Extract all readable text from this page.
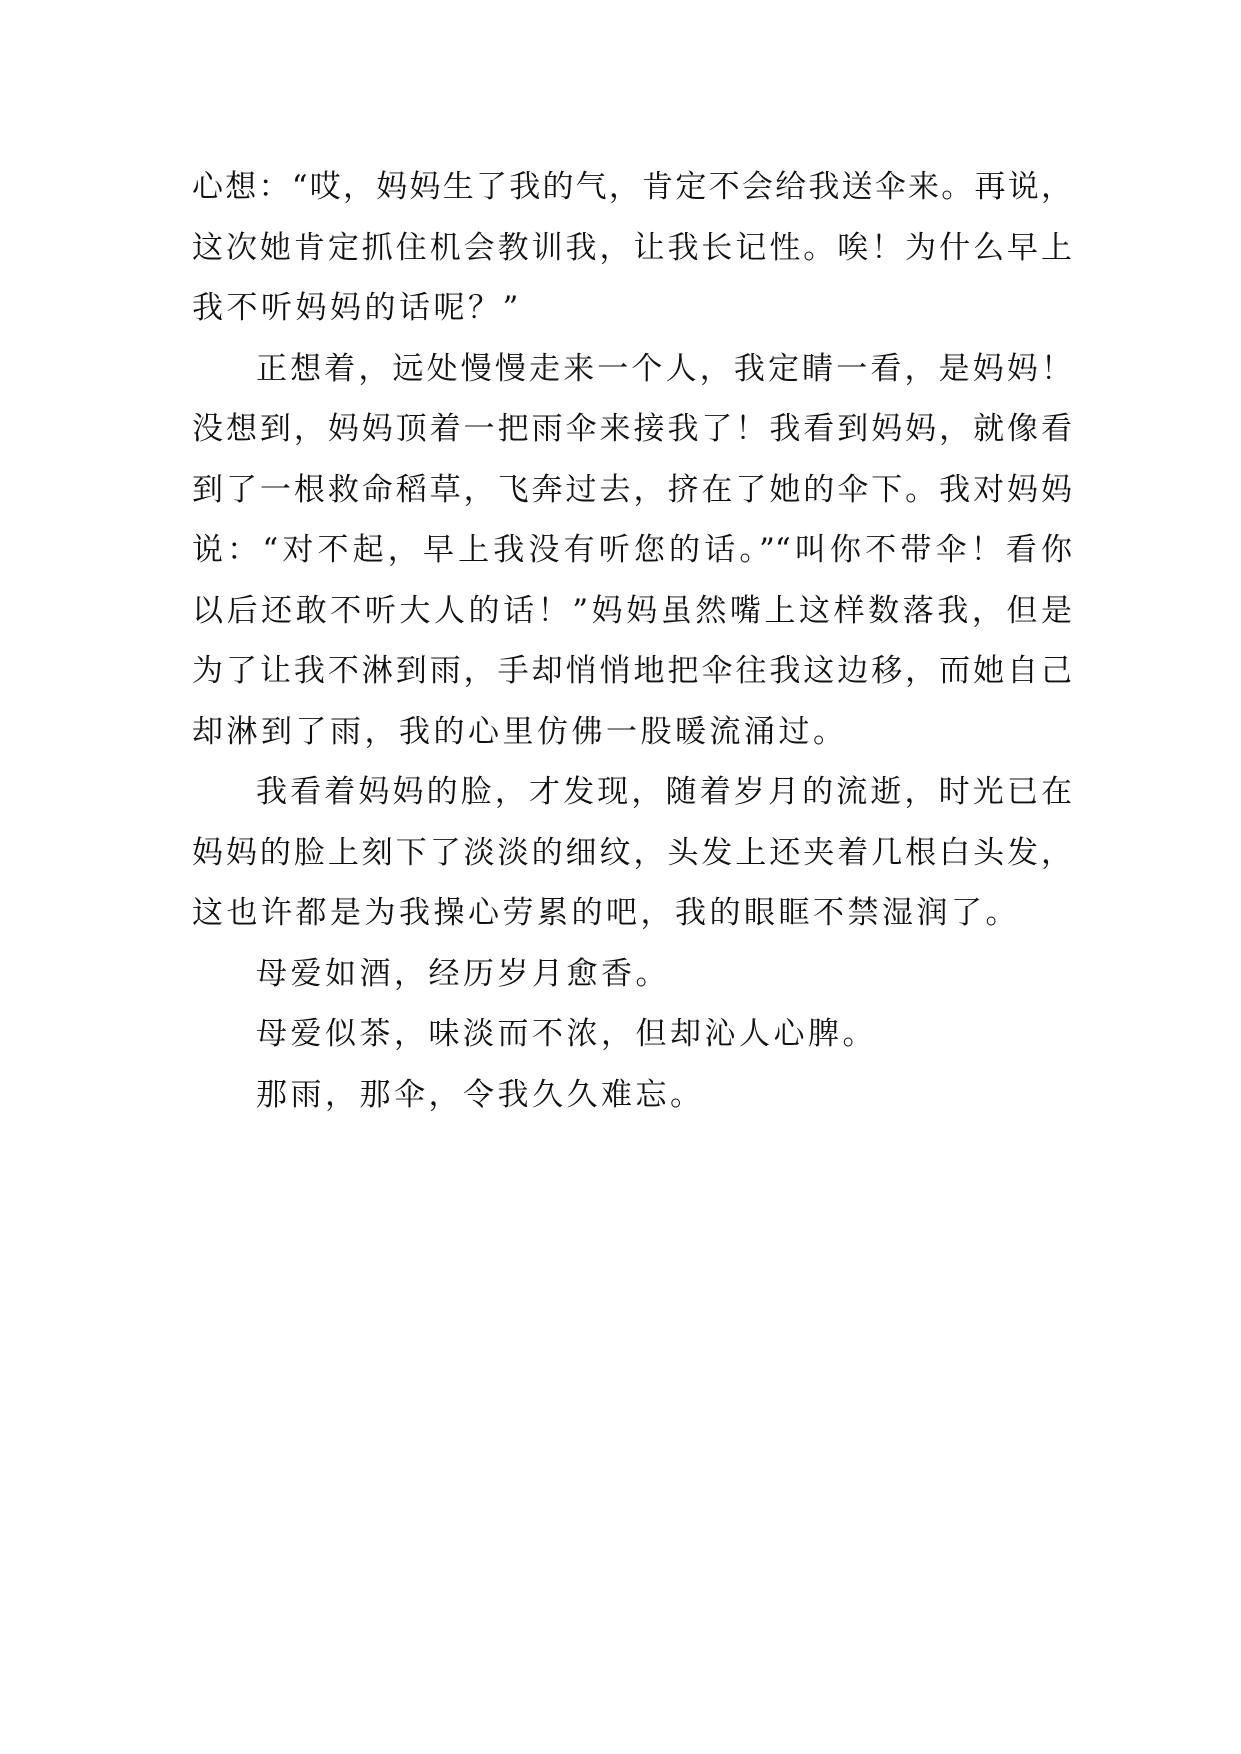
心想：“哎，妈妈生了我的气，肯定不会给我送伞来。再说，
这次她肯定抓住机会教训我，让我长记性。唉！为什么早上
我不听妈妈的话呢？”
正想着，远处慢慢走来一个人，我定睛一看，是妈妈！
没想到，妈妈顶着一把雨伞来接我了！我看到妈妈，就像看
到了一根救命稻草，飞奔过去，挤在了她的伞下。我对妈妈
说：“对不起，早上我没有听您的话。”“叫你不带伞！看你
以后还敢不听大人的话！”妈妈虽然嘴上这样数落我，但是
为了让我不淋到雨，手却悄悄地把伞往我这边移，而她自己
却淋到了雨，我的心里仿佛一股暖流涌过。
我看着妈妈的脸，才发现，随着岁月的流逝，时光已在
妈妈的脸上刻下了淡淡的细纹，头发上还夹着几根白头发，
这也许都是为我操心劳累的吧，我的眼眶不禁湿润了。
母爱如酒，经历岁月愈香。
母爱似茶，味淡而不浓，但却沁人心脾。
那雨，那伞，令我久久难忘。
